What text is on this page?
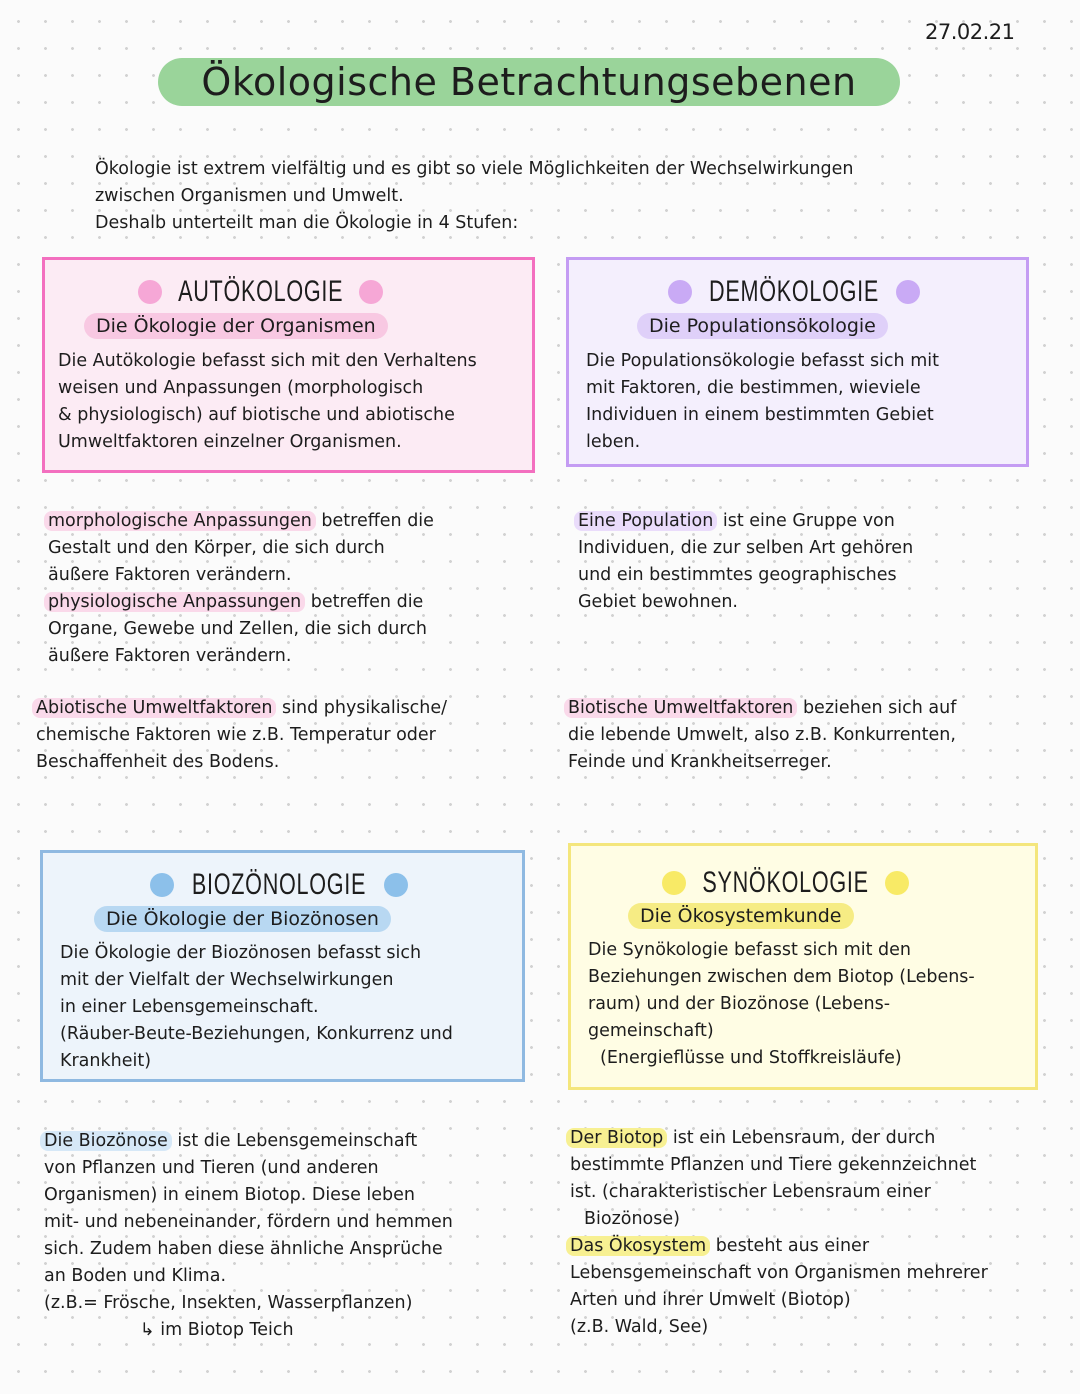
27.02.21
Ökologische Betrachtungsebenen
Ökologie ist extrem vielfältig und es gibt so viele Möglichkeiten der Wechselwirkungen
zwischen Organismen und Umwelt.
Deshalb unterteilt man die Ökologie in 4 Stufen:
AUTÖKOLOGIE
Die Ökologie der Organismen
Die Autökologie befasst sich mit den Verhaltens
weisen und Anpassungen (morphologisch
& physiologisch) auf biotische und abiotische
Umweltfaktoren einzelner Organismen.
DEMÖKOLOGIE
Die Populationsökologie
Die Populationsökologie befasst sich mit
mit Faktoren, die bestimmen, wieviele
Individuen in einem bestimmten Gebiet
leben.
morphologische Anpassungen betreffen die
Gestalt und den Körper, die sich durch
äußere Faktoren verändern.
physiologische Anpassungen betreffen die
Organe, Gewebe und Zellen, die sich durch
äußere Faktoren verändern.
Eine Population ist eine Gruppe von
Individuen, die zur selben Art gehören
und ein bestimmtes geographisches
Gebiet bewohnen.
Abiotische Umweltfaktoren sind physikalische/
chemische Faktoren wie z.B. Temperatur oder
Beschaffenheit des Bodens.
Biotische Umweltfaktoren beziehen sich auf
die lebende Umwelt, also z.B. Konkurrenten,
Feinde und Krankheitserreger.
BIOZÖNOLOGIE
Die Ökologie der Biozönosen
Die Ökologie der Biozönosen befasst sich
mit der Vielfalt der Wechselwirkungen
in einer Lebensgemeinschaft.
(Räuber-Beute-Beziehungen, Konkurrenz und
Krankheit)
SYNÖKOLOGIE
Die Ökosystemkunde
Die Synökologie befasst sich mit den
Beziehungen zwischen dem Biotop (Lebens-
raum) und der Biozönose (Lebens-
gemeinschaft)
(Energieflüsse und Stoffkreisläufe)
Die Biozönose ist die Lebensgemeinschaft
von Pflanzen und Tieren (und anderen
Organismen) in einem Biotop. Diese leben
mit- und nebeneinander, fördern und hemmen
sich. Zudem haben diese ähnliche Ansprüche
an Boden und Klima.
(z.B.= Frösche, Insekten, Wasserpflanzen)
↳ im Biotop Teich
Der Biotop ist ein Lebensraum, der durch
bestimmte Pflanzen und Tiere gekennzeichnet
ist. (charakteristischer Lebensraum einer
Biozönose)
Das Ökosystem besteht aus einer
Lebensgemeinschaft von Organismen mehrerer
Arten und ihrer Umwelt (Biotop)
(z.B. Wald, See)
